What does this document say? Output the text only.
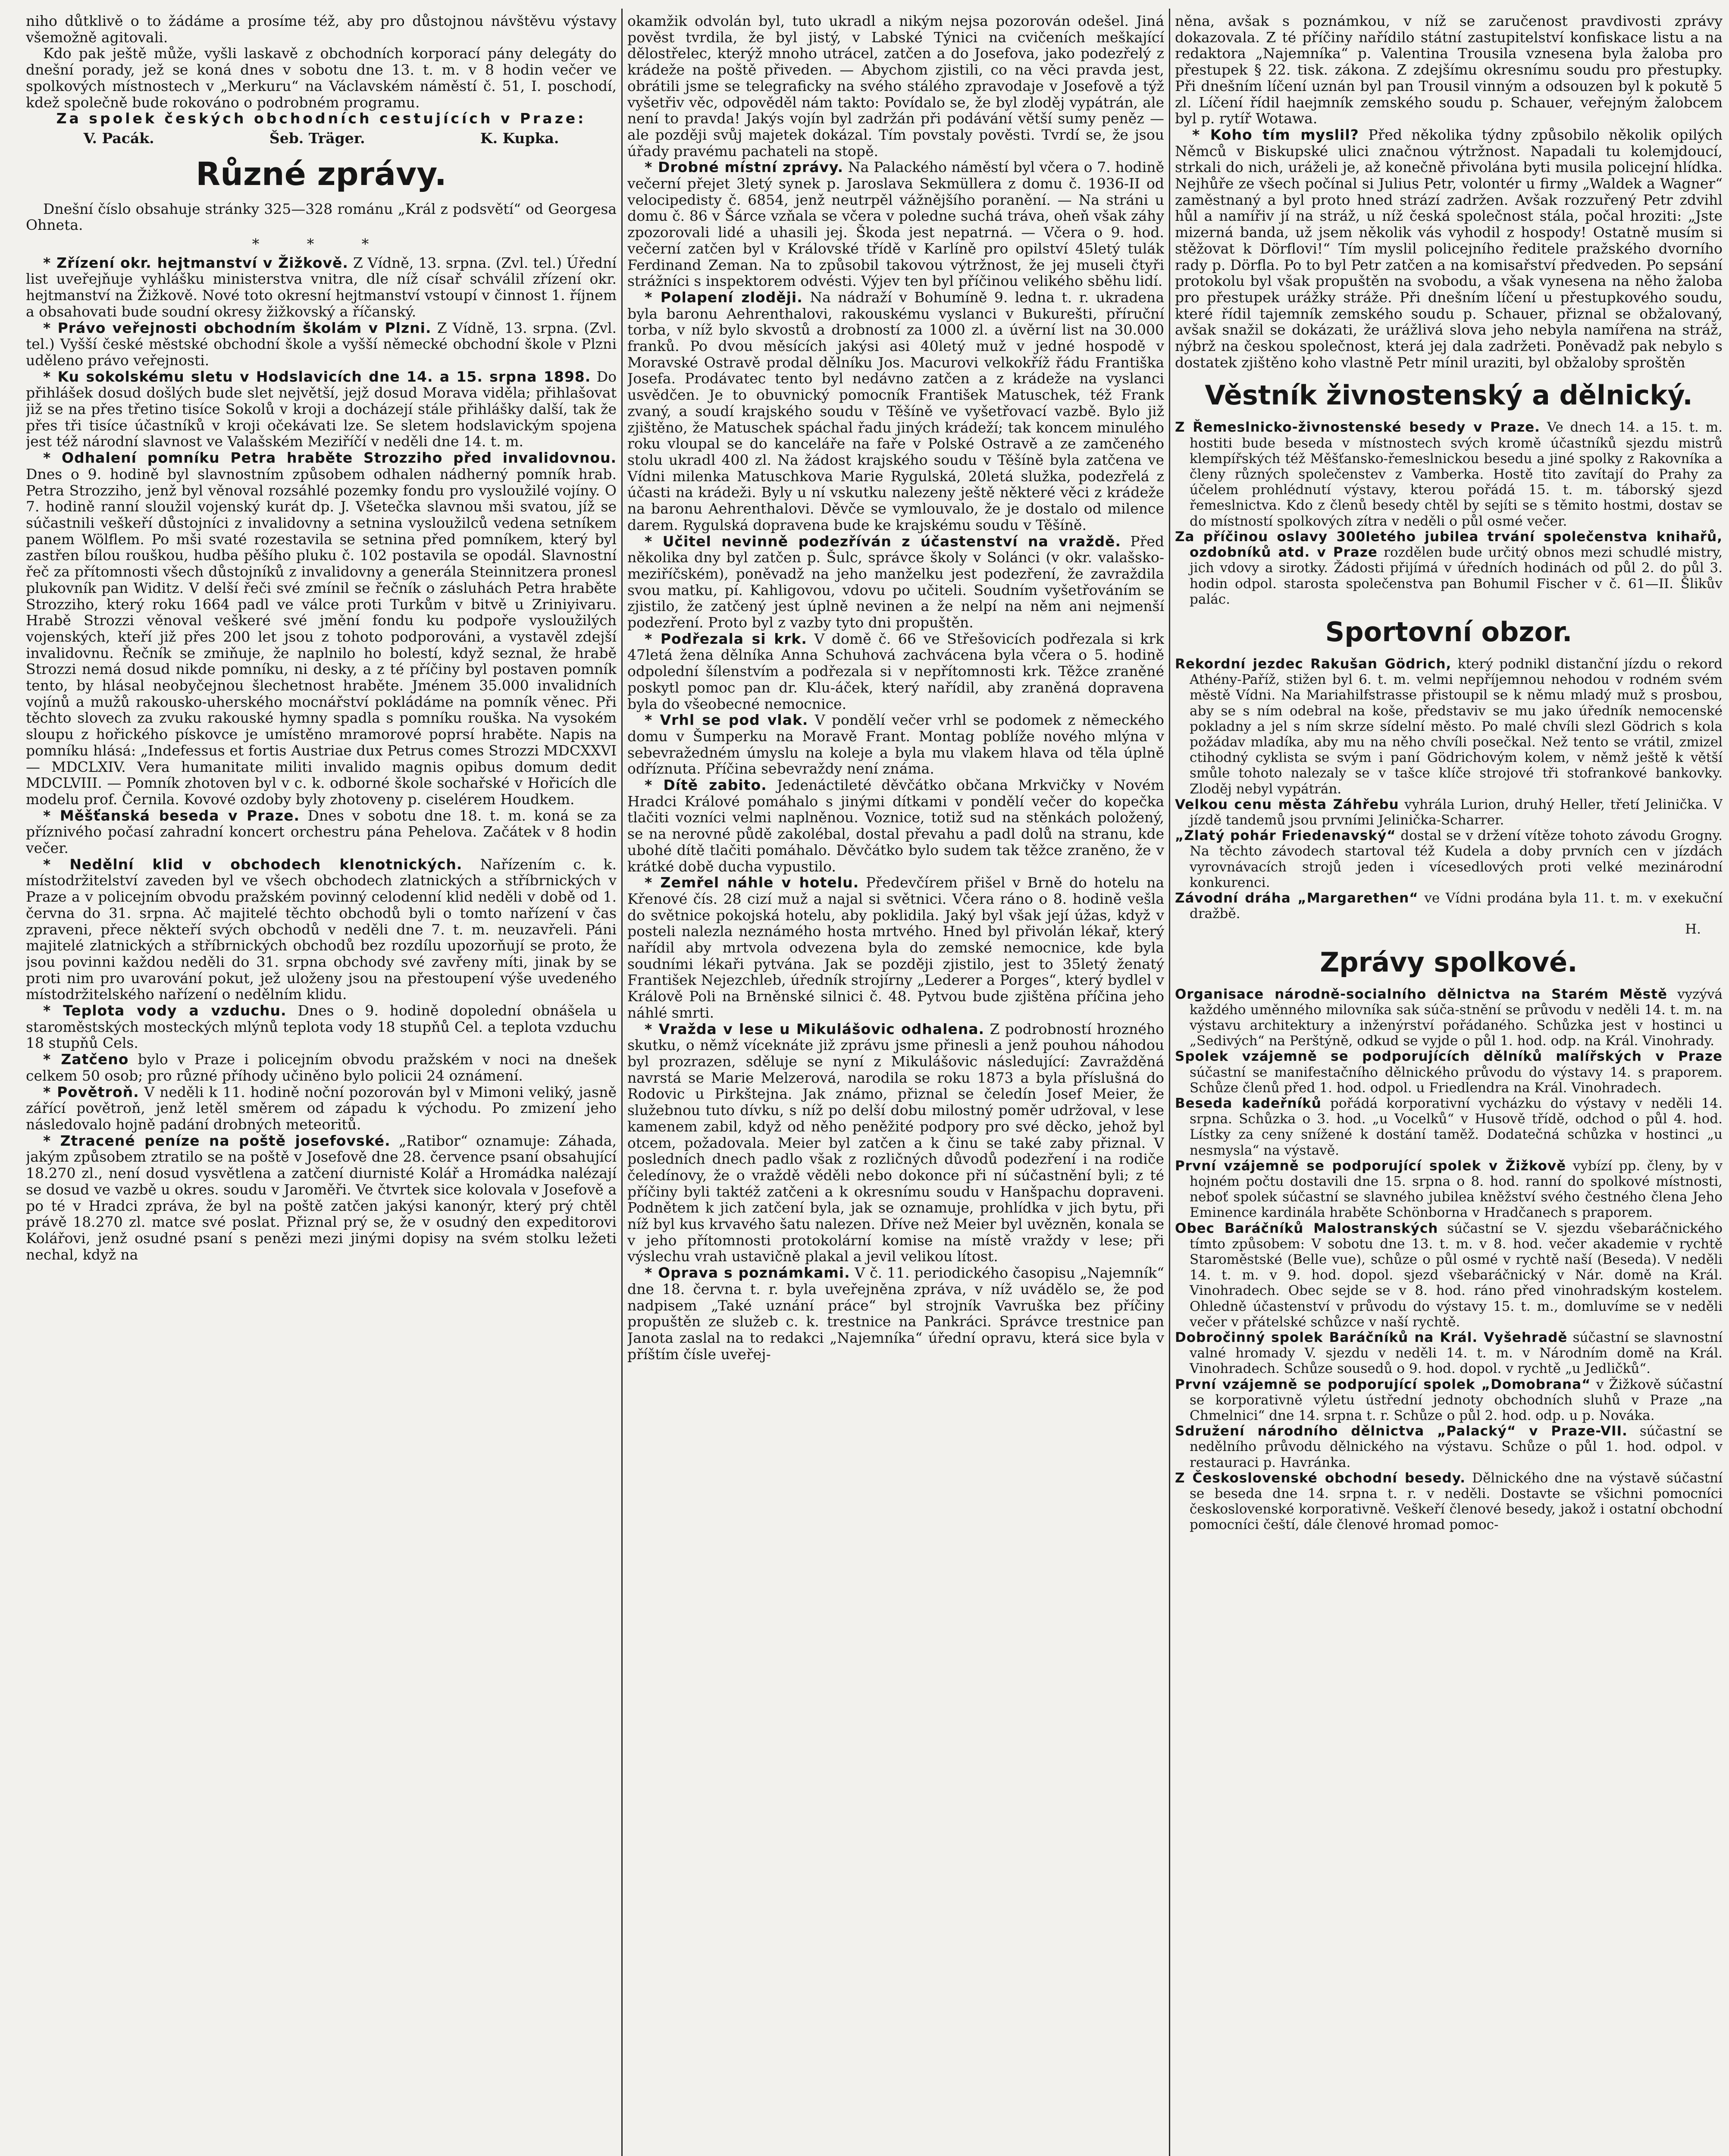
niho důtklivě o to žádáme a prosíme též, aby pro důstojnou návštěvu výstavy všemožně agitovali.

Kdo pak ještě může, vyšli laskavě z obchodních korporací pány delegáty do dnešní porady, jež se koná dnes v sobotu dne 13. t. m. v 8 hodin večer ve spolkových místnostech v „Merkuru“ na Václavském náměstí č. 51, I. poschodí, kdež společně bude rokováno o podrobném programu.

Za spolek českých obchodních cestujících v Praze:

V. Pacák.	Šeb. Träger.	K. Kupka.
Různé zprávy.

Dnešní číslo obsahuje stránky 325—328 románu „Král z podsvětí“ od Georgesa Ohneta.

* * *

* Zřízení okr. hejtmanství v Žižkově. Z Vídně, 13. srpna. (Zvl. tel.) Úřední list uveřejňuje vyhlášku ministerstva vnitra, dle níž císař schválil zřízení okr. hejtmanství na Žižkově. Nové toto okresní hejtmanství vstoupí v činnost 1. říjnem a obsahovati bude soudní okresy žižkovský a říčanský.

* Právo veřejnosti obchodním školám v Plzni. Z Vídně, 13. srpna. (Zvl. tel.) Vyšší české městské obchodní škole a vyšší německé obchodní škole v Plzni uděleno právo veřejnosti.

* Ku sokolskému sletu v Hodslavicích dne 14. a 15. srpna 1898. Do přihlášek dosud došlých bude slet největší, jejž dosud Morava viděla; přihlašovat již se na přes třetino tisíce Sokolů v kroji a docházejí stále přihlášky další, tak že přes tři tisíce účastníků v kroji očekávati lze. Se sletem hodslavickým spojena jest též národní slavnost ve Valašském Meziříčí v neděli dne 14. t. m.

* Odhalení pomníku Petra hraběte Strozziho před invalidovnou. Dnes o 9. hodině byl slavnostním způsobem odhalen nádherný pomník hrab. Petra Strozziho, jenž byl věnoval rozsáhlé pozemky fondu pro vysloužilé vojíny. O 7. hodině ranní sloužil vojenský kurát dp. J. Všetečka slavnou mši svatou, jíž se súčastnili veškeří důstojníci z invalidovny a setnina vysloužilců vedena setníkem panem Wölflem. Po mši svaté rozestavila se setnina před pomníkem, který byl zastřen bílou rouškou, hudba pěšího pluku č. 102 postavila se opodál. Slavnostní řeč za přítomnosti všech důstojníků z invalidovny a generála Steinnitzera pronesl plukovník pan Widitz. V delší řeči své zmínil se řečník o zásluhách Petra hraběte Strozziho, který roku 1664 padl ve válce proti Turkům v bitvě u Zriniyivaru. Hrabě Strozzi věnoval veškeré své jmění fondu ku podpoře vysloužilých vojenských, kteří již přes 200 let jsou z tohoto podporováni, a vystavěl zdejší invalidovnu. Řečník se zmiňuje, že naplnilo ho bolestí, když seznal, že hrabě Strozzi nemá dosud nikde pomníku, ni desky, a z té příčiny byl postaven pomník tento, by hlásal neobyčejnou šlechetnost hraběte. Jménem 35.000 invalidních vojínů a mužů rakousko-uherského mocnářství pokládáme na pomník věnec. Při těchto slovech za zvuku rakouské hymny spadla s pomníku rouška. Na vysokém sloupu z hořického pískovce je umístěno mramorové poprsí hraběte. Napis na pomníku hlásá: „Indefessus et fortis Austriae dux Petrus comes Strozzi MDCXXVI — MDCLXIV. Vera humanitate militi invalido magnis opibus domum dedit MDCLVIII. — Pomník zhotoven byl v c. k. odborné škole sochařské v Hořicích dle modelu prof. Černila. Kovové ozdoby byly zhotoveny p. ciselérem Houdkem.

* Měšťanská beseda v Praze. Dnes v sobotu dne 18. t. m. koná se za příznivého počasí zahradní koncert orchestru pána Pehelova. Začátek v 8 hodin večer.

* Nedělní klid v obchodech klenotnických. Nařízením c. k. místodržitelství zaveden byl ve všech obchodech zlatnických a stříbrnických v Praze a v policejním obvodu pražském povinný celodenní klid neděli v době od 1. června do 31. srpna. Ač majitelé těchto obchodů byli o tomto nařízení v čas zpraveni, přece někteří svých obchodů v neděli dne 7. t. m. neuzavřeli. Páni majitelé zlatnických a stříbrnických obchodů bez rozdílu upozorňují se proto, že jsou povinni každou neděli do 31. srpna obchody své zavřeny míti, jinak by se proti nim pro uvarování pokut, jež uloženy jsou na přestoupení výše uvedeného místodržitelského nařízení o nedělním klidu.

* Teplota vody a vzduchu. Dnes o 9. hodině dopolední obnášela u staroměstských mosteckých mlýnů teplota vody 18 stupňů Cel. a teplota vzduchu 18 stupňů Cels.

* Zatčeno bylo v Praze i policejním obvodu pražském v noci na dnešek celkem 50 osob; pro různé příhody učiněno bylo policii 24 oznámení.

* Povětroň. V neděli k 11. hodině noční pozorován byl v Mimoni veliký, jasně zářící povětroň, jenž letěl směrem od západu k východu. Po zmizení jeho následovalo hojně padání drobných meteoritů.

* Ztracené peníze na poště josefovské. „Ratibor“ oznamuje: Záhada, jakým způsobem ztratilo se na poště v Josefově dne 28. července psaní obsahující 18.270 zl., není dosud vysvětlena a zatčení diurnisté Kolář a Hromádka nalézají se dosud ve vazbě u okres. soudu v Jaroměři. Ve čtvrtek sice kolovala v Josefově a po té v Hradci zpráva, že byl na poště zatčen jakýsi kanonýr, který prý chtěl právě 18.270 zl. matce své poslat. Přiznal prý se, že v osudný den expeditorovi Kolářovi, jenž osudné psaní s penězi mezi jinými dopisy na svém stolku ležeti nechal, když na

okamžik odvolán byl, tuto ukradl a nikým nejsa pozorován odešel. Jiná pověst tvrdila, že byl jistý, v Labské Týnici na cvičeních meškající dělostřelec, kterýž mnoho utrácel, zatčen a do Josefova, jako podezřelý z krádeže na poště přiveden. — Abychom zjistili, co na věci pravda jest, obrátili jsme se telegraficky na svého stálého zpravodaje v Josefově a týž vyšetřiv věc, odpověděl nám takto: Povídalo se, že byl zloděj vypátrán, ale není to pravda! Jakýs vojín byl zadržán při podávání větší sumy peněz — ale později svůj majetek dokázal. Tím povstaly pověsti. Tvrdí se, že jsou úřady pravému pachateli na stopě.

* Drobné místní zprávy. Na Palackého náměstí byl včera o 7. hodině večerní přejet 3letý synek p. Jaroslava Sekmüllera z domu č. 1936-II od velocipedisty č. 6854, jenž neutrpěl vážnějšího poranění. — Na stráni u domu č. 86 v Šárce vzňala se včera v poledne suchá tráva, oheň však záhy zpozorovali lidé a uhasili jej. Škoda jest nepatrná. — Včera o 9. hod. večerní zatčen byl v Královské třídě v Karlíně pro opilství 45letý tulák Ferdinand Zeman. Na to způsobil takovou výtržnost, že jej museli čtyři strážníci s inspektorem odvésti. Výjev ten byl příčinou velikého sběhu lidí.

* Polapení zloději. Na nádraží v Bohumíně 9. ledna t. r. ukradena byla baronu Aehrenthalovi, rakouskému vyslanci v Bukurešti, příruční torba, v níž bylo skvostů a drobností za 1000 zl. a úvěrní list na 30.000 franků. Po dvou měsících jakýsi asi 40letý muž v jedné hospodě v Moravské Ostravě prodal dělníku Jos. Macurovi velkokříž řádu Františka Josefa. Prodávatec tento byl nedávno zatčen a z krádeže na vyslanci usvědčen. Je to obuvnický pomocník František Matuschek, též Frank zvaný, a soudí krajského soudu v Těšíně ve vyšetřovací vazbě. Bylo již zjištěno, že Matuschek spáchal řadu jiných krádeží; tak koncem minulého roku vloupal se do kanceláře na faře v Polské Ostravě a ze zamčeného stolu ukradl 400 zl. Na žádost krajského soudu v Těšíně byla zatčena ve Vídni milenka Matuschkova Marie Rygulská, 20letá služka, podezřelá z účasti na krádeži. Byly u ní vskutku nalezeny ještě některé věci z krádeže na baronu Aehrenthalovi. Děvče se vymlouvalo, že je dostalo od milence darem. Rygulská dopravena bude ke krajskému soudu v Těšíně.

* Učitel nevinně podezříván z účastenství na vraždě. Před několika dny byl zatčen p. Šulc, správce školy v Solánci (v okr. valašsko-meziříčském), poněvadž na jeho manželku jest podezření, že zavraždila svou matku, pí. Kahligovou, vdovu po učiteli. Soudním vyšetřováním se zjistilo, že zatčený jest úplně nevinen a že nelpí na něm ani nejmenší podezření. Proto byl z vazby tyto dni propuštěn.

* Podřezala si krk. V domě č. 66 ve Střešovicích podřezala si krk 47letá žena dělníka Anna Schuhová zachvácena byla včera o 5. hodině odpolední šílenstvím a podřezala si v nepřítomnosti krk. Těžce zraněné poskytl pomoc pan dr. Klu-áček, který nařídil, aby zraněná dopravena byla do všeobecné nemocnice.

* Vrhl se pod vlak. V pondělí večer vrhl se podomek z německého domu v Šumperku na Moravě Frant. Montag poblíže nového mlýna v sebevražedném úmyslu na koleje a byla mu vlakem hlava od těla úplně odříznuta. Příčina sebevraždy není známa.

* Dítě zabito. Jedenáctileté děvčátko občana Mrkvičky v Novém Hradci Králové pomáhalo s jinými dítkami v pondělí večer do kopečka tlačiti vozníci velmi naplněnou. Voznice, totiž sud na stěnkách položený, se na nerovné půdě zakolébal, dostal převahu a padl dolů na stranu, kde ubohé dítě tlačiti pomáhalo. Děvčátko bylo sudem tak těžce zraněno, že v krátké době ducha vypustilo.

* Zemřel náhle v hotelu. Předevčírem přišel v Brně do hotelu na Křenové čís. 28 cizí muž a najal si světnici. Včera ráno o 8. hodině vešla do světnice pokojská hotelu, aby poklidila. Jaký byl však její úžas, když v posteli nalezla neznámého hosta mrtvého. Hned byl přivolán lékař, který nařídil aby mrtvola odvezena byla do zemské nemocnice, kde byla soudními lékaři pytvána. Jak se později zjistilo, jest to 35letý ženatý František Nejezchleb, úředník strojírny „Lederer a Porges“, který bydlel v Králově Poli na Brněnské silnici č. 48. Pytvou bude zjištěna příčina jeho náhlé smrti.

* Vražda v lese u Mikulášovic odhalena. Z podrobností hrozného skutku, o němž víceknáte již zprávu jsme přinesli a jenž pouhou náhodou byl prozrazen, sděluje se nyní z Mikulášovic následující: Zavražděná navrstá se Marie Melzerová, narodila se roku 1873 a byla příslušná do Rodovic u Pirkštejna. Jak známo, přiznal se čeledín Josef Meier, že služebnou tuto dívku, s níž po delší dobu milostný poměr udržoval, v lese kamenem zabil, když od něho peněžité podpory pro své děcko, jehož byl otcem, požadovala. Meier byl zatčen a k činu se také zaby přiznal. V posledních dnech padlo však z rozličných důvodů podezření i na rodiče čeledínovy, že o vraždě věděli nebo dokonce při ní súčastnění byli; z té příčiny byli taktéž zatčeni a k okresnímu soudu v Hanšpachu dopraveni. Podnětem k jich zatčení byla, jak se oznamuje, prohlídka v jich bytu, při níž byl kus krvavého šatu nalezen. Dříve než Meier byl uvězněn, konala se v jeho přítomnosti protokolární komise na místě vraždy v lese; při výslechu vrah ustavičně plakal a jevil velikou lítost.

* Oprava s poznámkami. V č. 11. periodického časopisu „Najemník“ dne 18. června t. r. byla uveřejněna zpráva, v níž uvádělo se, že pod nadpisem „Také uznání práce“ byl strojník Vavruška bez příčiny propuštěn ze služeb c. k. trestnice na Pankráci. Správce trestnice pan Janota zaslal na to redakci „Najemníka“ úřední opravu, která sice byla v příštím čísle uveřej-

něna, avšak s poznámkou, v níž se zaručenost pravdivosti zprávy dokazovala. Z té příčiny nařídilo státní zastupitelství konfiskace listu a na redaktora „Najemníka“ p. Valentina Trousila vznesena byla žaloba pro přestupek § 22. tisk. zákona. Z zdejšímu okresnímu soudu pro přestupky. Při dnešním líčení uznán byl pan Trousil vinným a odsouzen byl k pokutě 5 zl. Líčení řídil haejmník zemského soudu p. Schauer, veřejným žalobcem byl p. rytíř Wotawa.

* Koho tím myslil? Před několika týdny způsobilo několik opilých Němců v Biskupské ulici značnou výtržnost. Napadali tu kolemjdoucí, strkali do nich, uráželi je, až konečně přivolána byti musila policejní hlídka. Nejhůře ze všech počínal si Julius Petr, volontér u firmy „Waldek a Wagner“ zaměstnaný a byl proto hned strází zadržen. Avšak rozzuřený Petr zdvihl hůl a namířiv jí na stráž, u níž česká společnost stála, počal hroziti: „Jste mizerná banda, už jsem několik vás vyhodil z hospody! Ostatně musím si stěžovat k Dörflovi!“ Tím myslil policejního ředitele pražského dvorního rady p. Dörfla. Po to byl Petr zatčen a na komisařství předveden. Po sepsání protokolu byl však propuštěn na svobodu, a však vynesena na něho žaloba pro přestupek urážky stráže. Při dnešním líčení u přestupkového soudu, které řídil tajemník zemského soudu p. Schauer, přiznal se obžalovaný, avšak snažil se dokázati, že urážlivá slova jeho nebyla namířena na stráž, nýbrž na českou společnost, která jej dala zadržeti. Poněvadž pak nebylo s dostatek zjištěno koho vlastně Petr mínil uraziti, byl obžaloby sproštěn

Věstník živnostenský a dělnický.

Z Řemeslnicko-živnostenské besedy v Praze. Ve dnech 14. a 15. t. m. hostiti bude beseda v místnostech svých kromě účastníků sjezdu mistrů klempířských též Měšťansko-řemeslnickou besedu a jiné spolky z Rakovníka a členy různých společenstev z Vamberka. Hostě tito zavítají do Prahy za účelem prohlédnutí výstavy, kterou pořádá 15. t. m. táborský sjezd řemeslnictva. Kdo z členů besedy chtěl by sejíti se s těmito hostmi, dostav se do místností spolkových zítra v neděli o půl osmé večer.

Za příčinou oslavy 300letého jubilea trvání společenstva knihařů, ozdobníků atd. v Praze rozdělen bude určitý obnos mezi schudlé mistry, jich vdovy a sirotky. Žádosti přijímá v úředních hodinách od půl 2. do půl 3. hodin odpol. starosta společenstva pan Bohumil Fischer v č. 61—II. Šlikův palác.

Sportovní obzor.

Rekordní jezdec Rakušan Gödrich, který podnikl distanční jízdu o rekord Athény-Paříž, stižen byl 6. t. m. velmi nepříjemnou nehodou v rodném svém městě Vídni. Na Mariahilfstrasse přistoupil se k němu mladý muž s prosbou, aby se s ním odebral na koše, představiv se mu jako úředník nemocenské pokladny a jel s ním skrze sídelní město. Po malé chvíli slezl Gödrich s kola požádav mladíka, aby mu na něho chvíli posečkal. Než tento se vrátil, zmizel ctihodný cyklista se svým i paní Gödrichovým kolem, v němž ještě k větší smůle tohoto nalezaly se v tašce klíče strojové tři stofrankové bankovky. Zloděj nebyl vypátrán.

Velkou cenu města Záhřebu vyhrála Lurion, druhý Heller, třetí Jelinička. V jízdě tandemů jsou prvními Jelinička-Scharrer.

„Zlatý pohár Friedenavský“ dostal se v držení vítěze tohoto závodu Grogny. Na těchto závodech startoval též Kudela a doby prvních cen v jízdách vyrovnávacích strojů jeden i vícesedlových proti velké mezinárodní konkurenci.

Závodní dráha „Margarethen“ ve Vídni prodána byla 11. t. m. v exekuční dražbě.

H.

Zprávy spolkové.

Organisace národně-socialního dělnictva na Starém Městě vyzývá každého uměnného milovníka sak súča-stnění se průvodu v neděli 14. t. m. na výstavu architektury a inženýrství pořádaného. Schůzka jest v hostinci u „Sedivých“ na Perštýně, odkud se vyjde o půl 1. hod. odp. na Král. Vinohrady.

Spolek vzájemně se podporujících dělníků malířských v Praze súčastní se manifestačního dělnického průvodu do výstavy 14. s praporem. Schůze členů před 1. hod. odpol. u Friedlendra na Král. Vinohradech.

Beseda kadeřníků pořádá korporativní vycházku do výstavy v neděli 14. srpna. Schůzka o 3. hod. „u Vocelků“ v Husově třídě, odchod o půl 4. hod. Lístky za ceny snížené k dostání taměž. Dodatečná schůzka v hostinci „u nesmysla“ na výstavě.

První vzájemně se podporující spolek v Žižkově vybízí pp. členy, by v hojném počtu dostavili dne 15. srpna o 8. hod. ranní do spolkové místnosti, neboť spolek súčastní se slavného jubilea kněžství svého čestného člena Jeho Eminence kardinála hraběte Schönborna v Hradčanech s praporem.

Obec Baráčníků Malostranských súčastní se V. sjezdu všebaráčnického tímto způsobem: V sobotu dne 13. t. m. v 8. hod. večer akademie v rychtě Staroměstské (Belle vue), schůze o půl osmé v rychtě naší (Beseda). V neděli 14. t. m. v 9. hod. dopol. sjezd všebaráčnický v Nár. domě na Král. Vinohradech. Obec sejde se v 8. hod. ráno před vinohradským kostelem. Ohledně účastenství v průvodu do výstavy 15. t. m., domluvíme se v neděli večer v přátelské schůzce v naší rychtě.

Dobročinný spolek Baráčníků na Král. Vyšehradě súčastní se slavnostní valné hromady V. sjezdu v neděli 14. t. m. v Národním domě na Král. Vinohradech. Schůze sousedů o 9. hod. dopol. v rychtě „u Jedličků“.

První vzájemně se podporující spolek „Domobrana“ v Žižkově súčastní se korporativně výletu ústřední jednoty obchodních sluhů v Praze „na Chmelnici“ dne 14. srpna t. r. Schůze o půl 2. hod. odp. u p. Nováka.

Sdružení národního dělnictva „Palacký“ v Praze-VII. súčastní se nedělního průvodu dělnického na výstavu. Schůze o půl 1. hod. odpol. v restauraci p. Havránka.

Z Československé obchodní besedy. Dělnického dne na výstavě súčastní se beseda dne 14. srpna t. r. v neděli. Dostavte se všichni pomocníci československé korporativně. Veškeří členové besedy, jakož i ostatní obchodní pomocníci čeští, dále členové hromad pomoc-
